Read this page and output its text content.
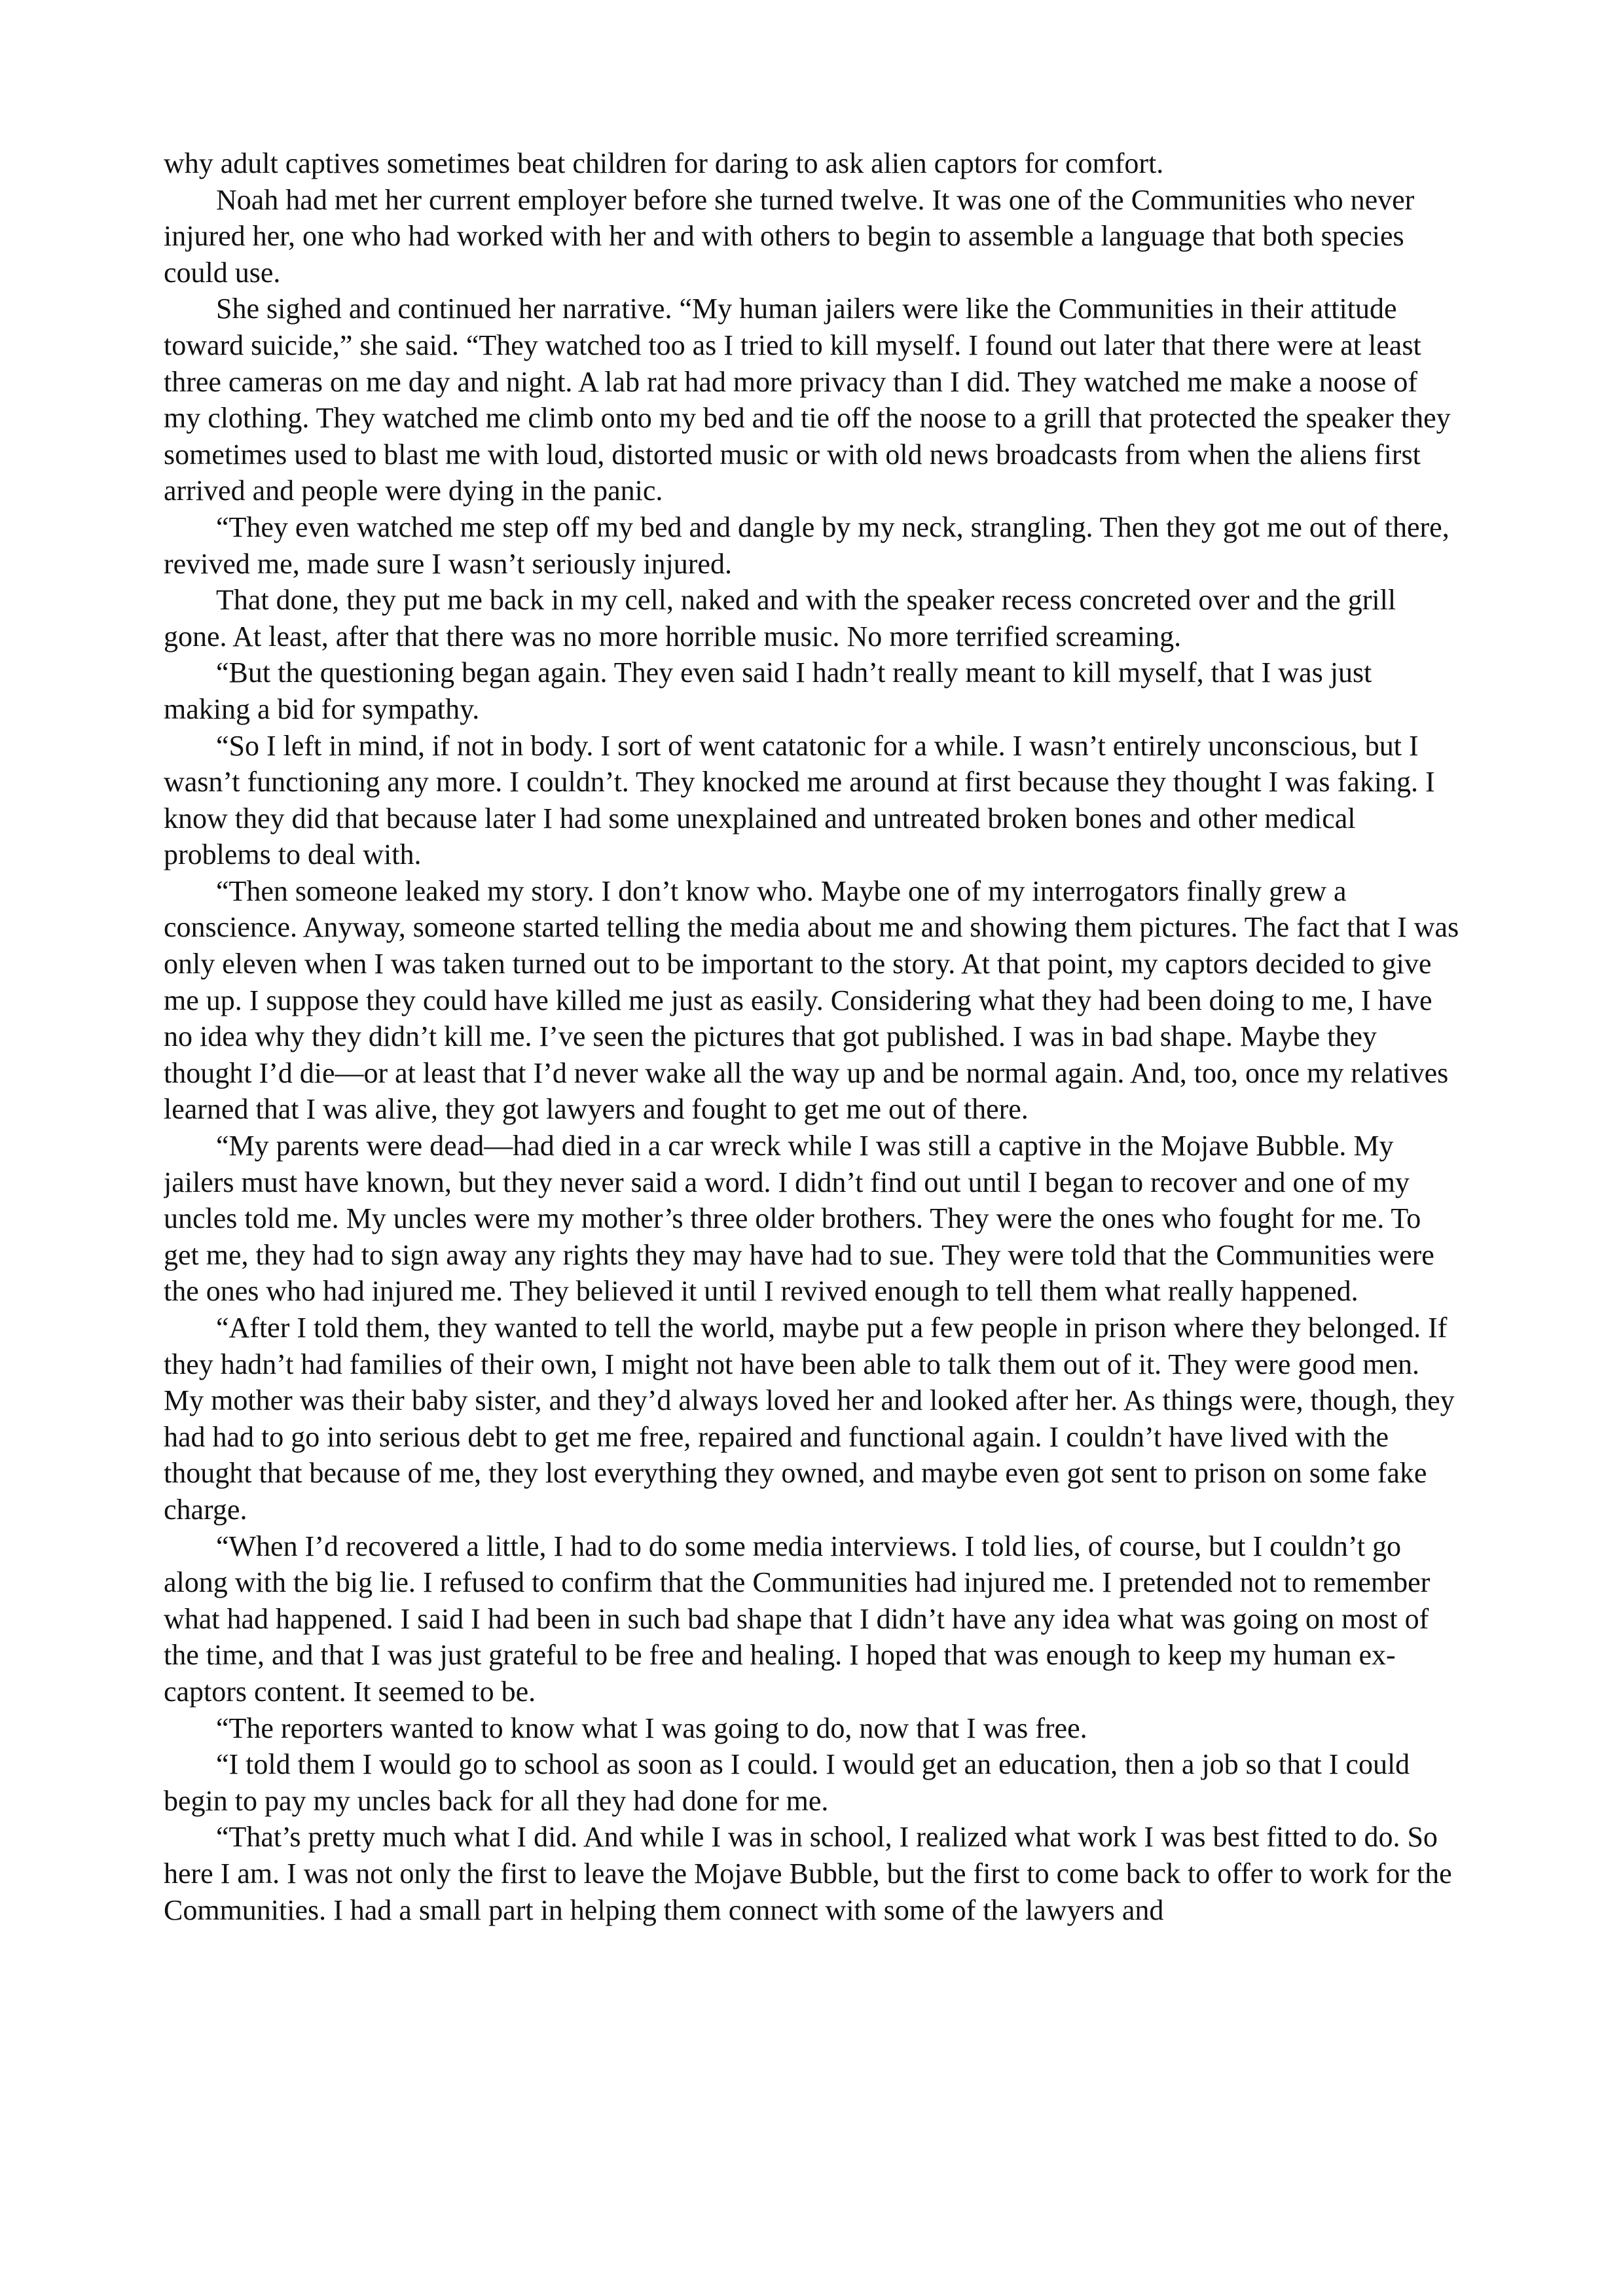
why adult captives sometimes beat children for daring to ask alien captors for comfort.

Noah had met her current employer before she turned twelve. It was one of the Communities who never injured her, one who had worked with her and with others to begin to assemble a language that both species could use.

She sighed and continued her narrative. “My human jailers were like the Communities in their attitude toward suicide,” she said. “They watched too as I tried to kill myself. I found out later that there were at least three cameras on me day and night. A lab rat had more privacy than I did. They watched me make a noose of my clothing. They watched me climb onto my bed and tie off the noose to a grill that protected the speaker they sometimes used to blast me with loud, distorted music or with old news broadcasts from when the aliens first arrived and people were dying in the panic.

“They even watched me step off my bed and dangle by my neck, strangling. Then they got me out of there, revived me, made sure I wasn’t seriously injured.

That done, they put me back in my cell, naked and with the speaker recess concreted over and the grill gone. At least, after that there was no more horrible music. No more terrified screaming.

“But the questioning began again. They even said I hadn’t really meant to kill myself, that I was just making a bid for sympathy.

“So I left in mind, if not in body. I sort of went catatonic for a while. I wasn’t entirely unconscious, but I wasn’t functioning any more. I couldn’t. They knocked me around at first because they thought I was faking. I know they did that because later I had some unexplained and untreated broken bones and other medical problems to deal with.

“Then someone leaked my story. I don’t know who. Maybe one of my interrogators finally grew a conscience. Anyway, someone started telling the media about me and showing them pictures. The fact that I was only eleven when I was taken turned out to be important to the story. At that point, my captors decided to give me up. I suppose they could have killed me just as easily. Considering what they had been doing to me, I have no idea why they didn’t kill me. I’ve seen the pictures that got published. I was in bad shape. Maybe they thought I’d die—or at least that I’d never wake all the way up and be normal again. And, too, once my relatives learned that I was alive, they got lawyers and fought to get me out of there.

“My parents were dead—had died in a car wreck while I was still a captive in the Mojave Bubble. My jailers must have known, but they never said a word. I didn’t find out until I began to recover and one of my uncles told me. My uncles were my mother’s three older brothers. They were the ones who fought for me. To get me, they had to sign away any rights they may have had to sue. They were told that the Communities were the ones who had injured me. They believed it until I revived enough to tell them what really happened.

“After I told them, they wanted to tell the world, maybe put a few people in prison where they belonged. If they hadn’t had families of their own, I might not have been able to talk them out of it. They were good men. My mother was their baby sister, and they’d always loved her and looked after her. As things were, though, they had had to go into serious debt to get me free, repaired and functional again. I couldn’t have lived with the thought that because of me, they lost everything they owned, and maybe even got sent to prison on some fake charge.

“When I’d recovered a little, I had to do some media interviews. I told lies, of course, but I couldn’t go along with the big lie. I refused to confirm that the Communities had injured me. I pretended not to remember what had happened. I said I had been in such bad shape that I didn’t have any idea what was going on most of the time, and that I was just grateful to be free and healing. I hoped that was enough to keep my human ex-captors content. It seemed to be.

“The reporters wanted to know what I was going to do, now that I was free.

“I told them I would go to school as soon as I could. I would get an education, then a job so that I could begin to pay my uncles back for all they had done for me.

“That’s pretty much what I did. And while I was in school, I realized what work I was best fitted to do. So here I am. I was not only the first to leave the Mojave Bubble, but the first to come back to offer to work for the Communities. I had a small part in helping them connect with some of the lawyers and
